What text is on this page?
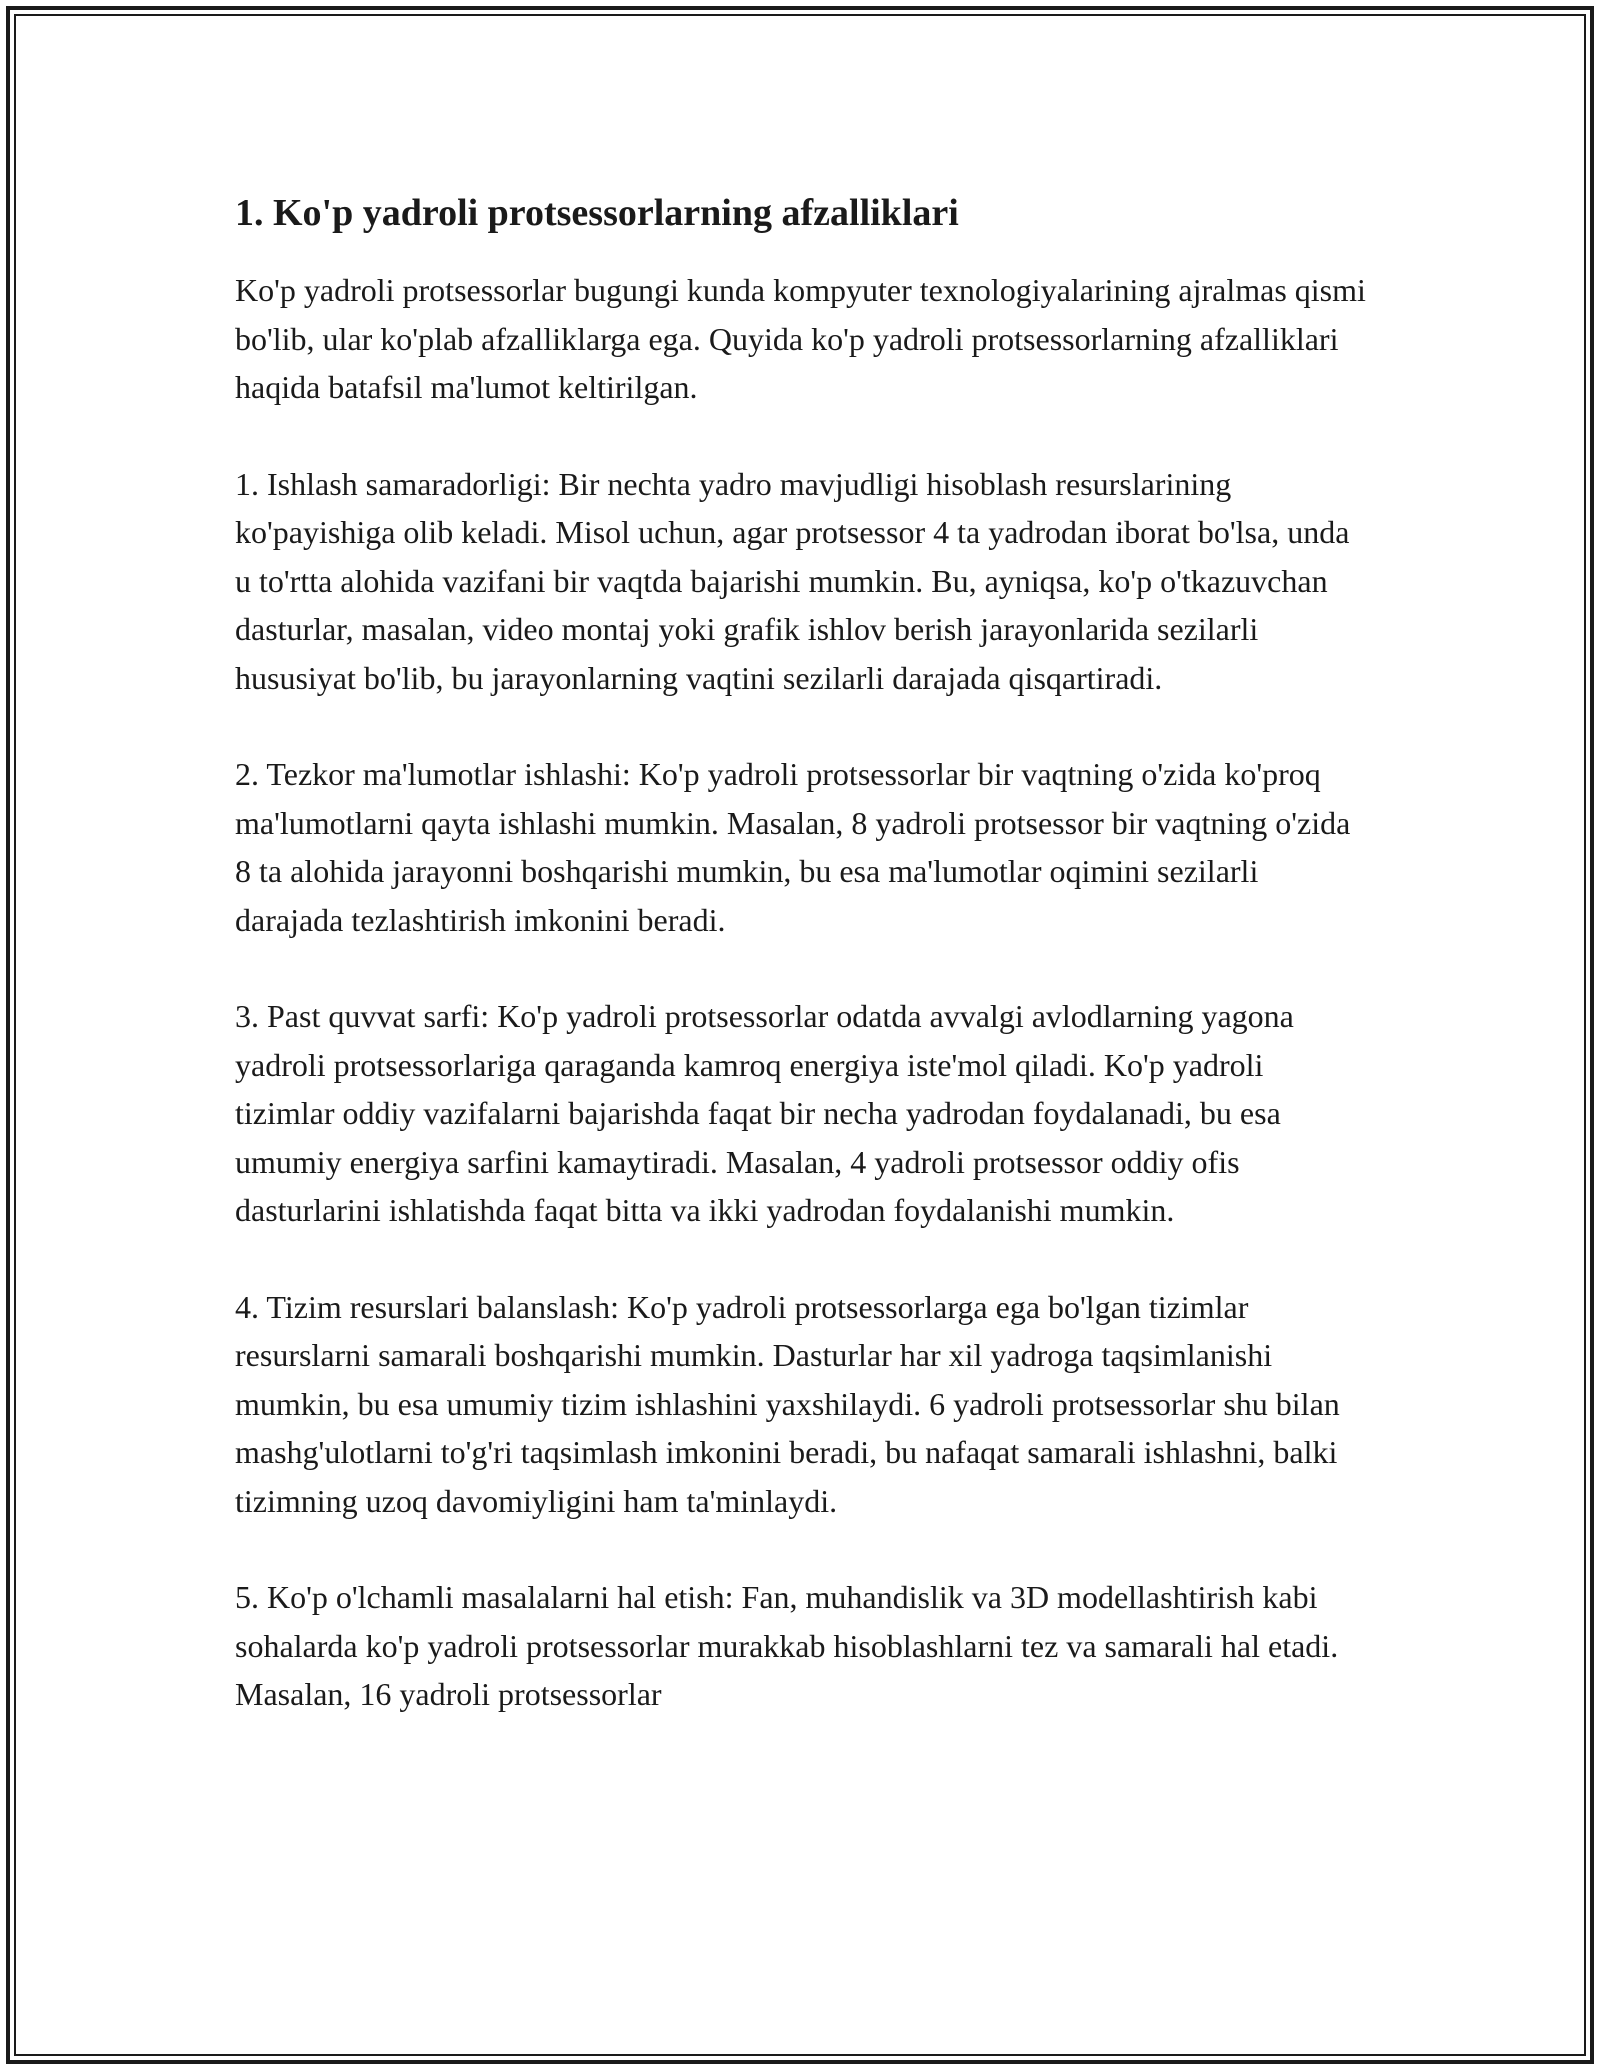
1. Ko'p yadroli protsessorlarning afzalliklari

Ko'p yadroli protsessorlar bugungi kunda kompyuter texnologiyalarining ajralmas qismi bo'lib, ular ko'plab afzalliklarga ega. Quyida ko'p yadroli protsessorlarning afzalliklari haqida batafsil ma'lumot keltirilgan.

1. Ishlash samaradorligi: Bir nechta yadro mavjudligi hisoblash resurslarining ko'payishiga olib keladi. Misol uchun, agar protsessor 4 ta yadrodan iborat bo'lsa, unda u to'rtta alohida vazifani bir vaqtda bajarishi mumkin. Bu, ayniqsa, ko'p o'tkazuvchan dasturlar, masalan, video montaj yoki grafik ishlov berish jarayonlarida sezilarli hususiyat bo'lib, bu jarayonlarning vaqtini sezilarli darajada qisqartiradi.

2. Tezkor ma'lumotlar ishlashi: Ko'p yadroli protsessorlar bir vaqtning o'zida ko'proq ma'lumotlarni qayta ishlashi mumkin. Masalan, 8 yadroli protsessor bir vaqtning o'zida 8 ta alohida jarayonni boshqarishi mumkin, bu esa ma'lumotlar oqimini sezilarli darajada tezlashtirish imkonini beradi.

3. Past quvvat sarfi: Ko'p yadroli protsessorlar odatda avvalgi avlodlarning yagona yadroli protsessorlariga qaraganda kamroq energiya iste'mol qiladi. Ko'p yadroli tizimlar oddiy vazifalarni bajarishda faqat bir necha yadrodan foydalanadi, bu esa umumiy energiya sarfini kamaytiradi. Masalan, 4 yadroli protsessor oddiy ofis dasturlarini ishlatishda faqat bitta va ikki yadrodan foydalanishi mumkin.

4. Tizim resurslari balanslash: Ko'p yadroli protsessorlarga ega bo'lgan tizimlar resurslarni samarali boshqarishi mumkin. Dasturlar har xil yadroga taqsimlanishi mumkin, bu esa umumiy tizim ishlashini yaxshilaydi. 6 yadroli protsessorlar shu bilan mashg'ulotlarni to'g'ri taqsimlash imkonini beradi, bu nafaqat samarali ishlashni, balki tizimning uzoq davomiyligini ham ta'minlaydi.

5. Ko'p o'lchamli masalalarni hal etish: Fan, muhandislik va 3D modellashtirish kabi sohalarda ko'p yadroli protsessorlar murakkab hisoblashlarni tez va samarali hal etadi. Masalan, 16 yadroli protsessorlar
